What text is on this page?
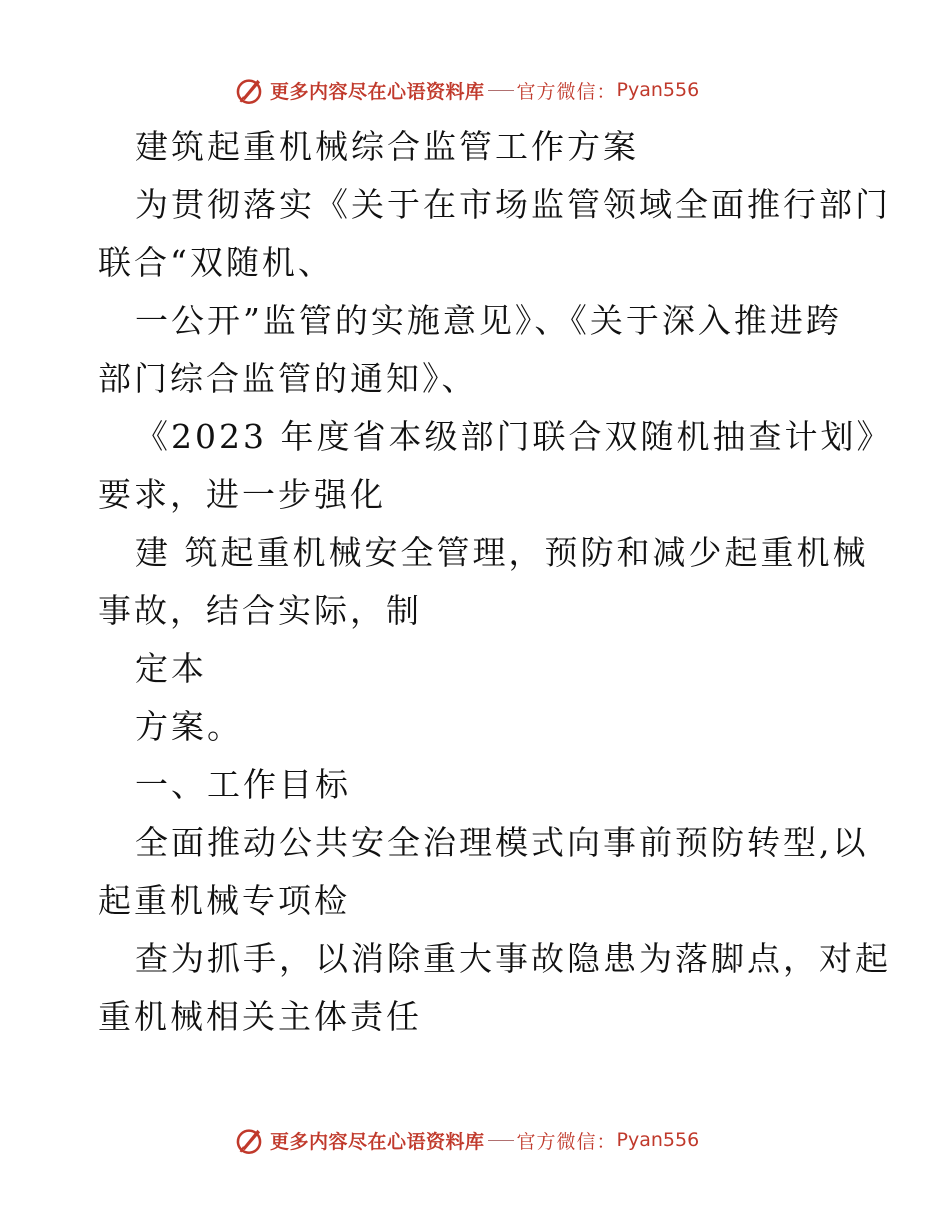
更多内容尽在心语资料库 官方微信： Pyan556
建筑起重机械综合监管工作方案
为贯彻落实《关于在市场监管领域全面推行部门
联合“双随机、
一公开”监管的实施意见》、《关于深入推进跨
部门综合监管的通知》、
《2023 年度省本级部门联合双随机抽查计划》
要求，进一步强化
建 筑起重机械安全管理，预防和减少起重机械
事故，结合实际，制
定本
方案。
一、工作目标
全面推动公共安全治理模式向事前预防转型,以
起重机械专项检
查为抓手，以消除重大事故隐患为落脚点，对起
重机械相关主体责任
更多内容尽在心语资料库 官方微信： Pyan556
